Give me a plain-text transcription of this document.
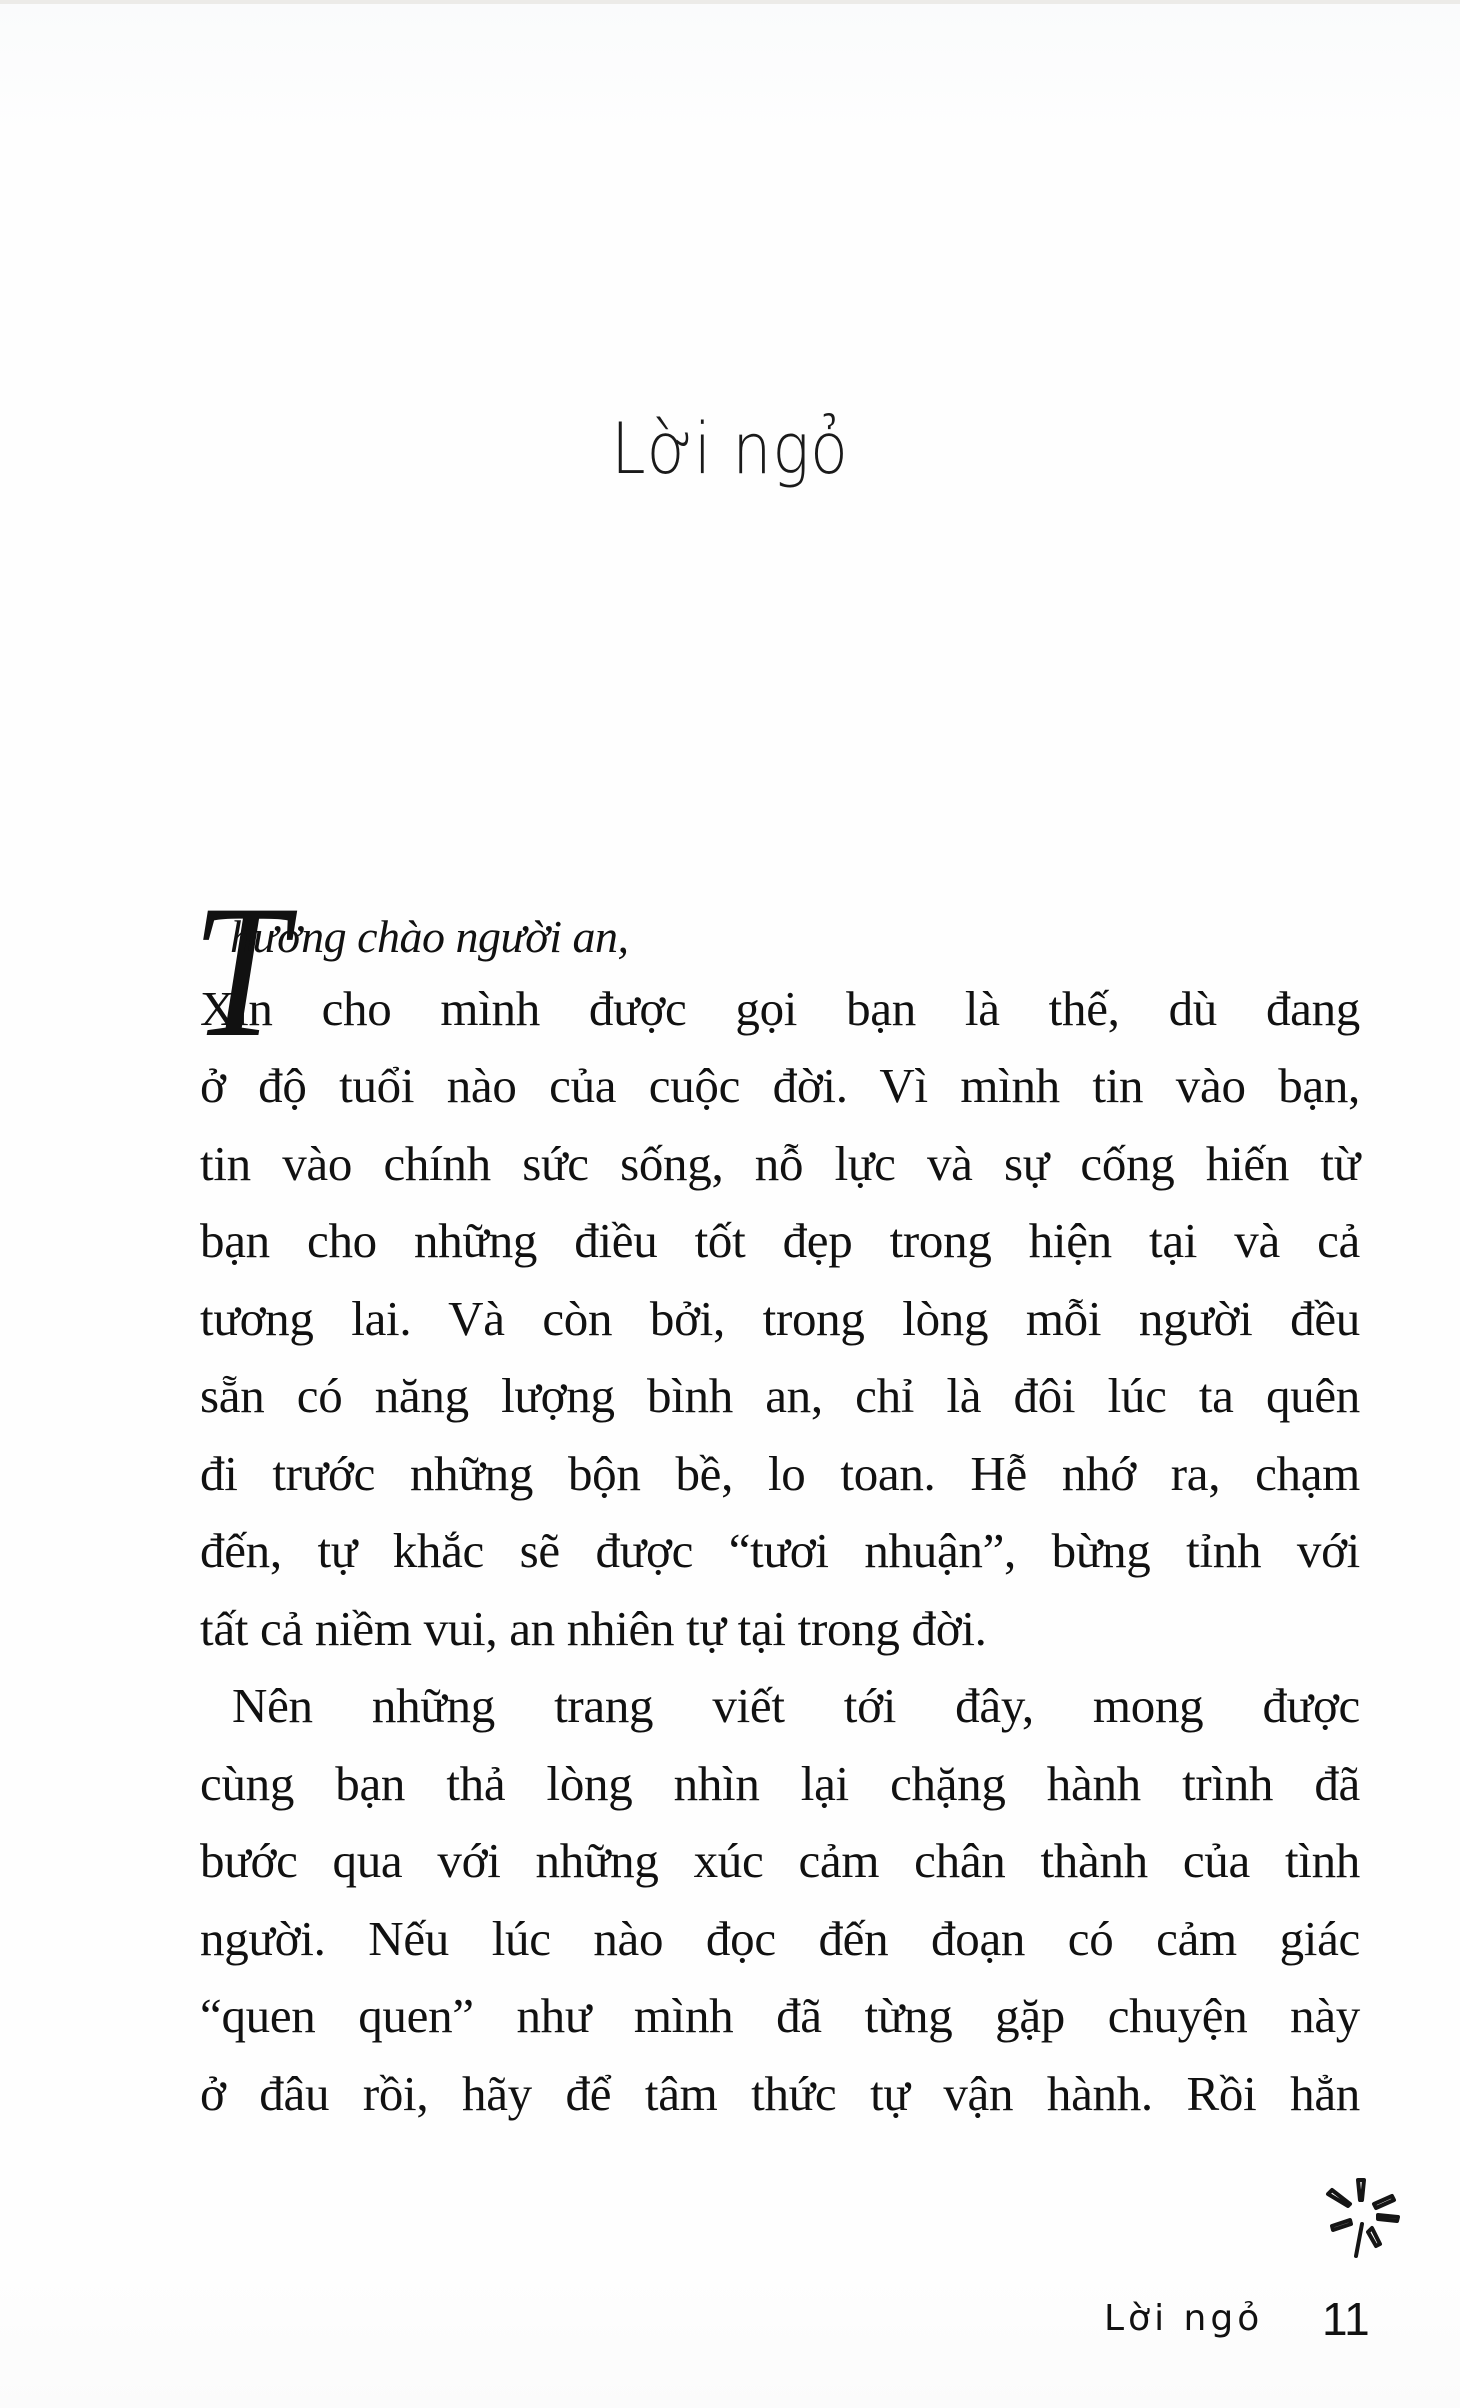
Lời ngỏ
T
hương chào người an,
Xin cho mình được gọi bạn là thế, dù đang
ở độ tuổi nào của cuộc đời. Vì mình tin vào bạn,
tin vào chính sức sống, nỗ lực và sự cống hiến từ
bạn cho những điều tốt đẹp trong hiện tại và cả
tương lai. Và còn bởi, trong lòng mỗi người đều
sẵn có năng lượng bình an, chỉ là đôi lúc ta quên
đi trước những bộn bề, lo toan. Hễ nhớ ra, chạm
đến, tự khắc sẽ được “tươi nhuận”, bừng tỉnh với
tất cả niềm vui, an nhiên tự tại trong đời.
Nên những trang viết tới đây, mong được
cùng bạn thả lòng nhìn lại chặng hành trình đã
bước qua với những xúc cảm chân thành của tình
người. Nếu lúc nào đọc đến đoạn có cảm giác
“quen quen” như mình đã từng gặp chuyện này
ở đâu rồi, hãy để tâm thức tự vận hành. Rồi hẳn
Lời ngỏ 11
